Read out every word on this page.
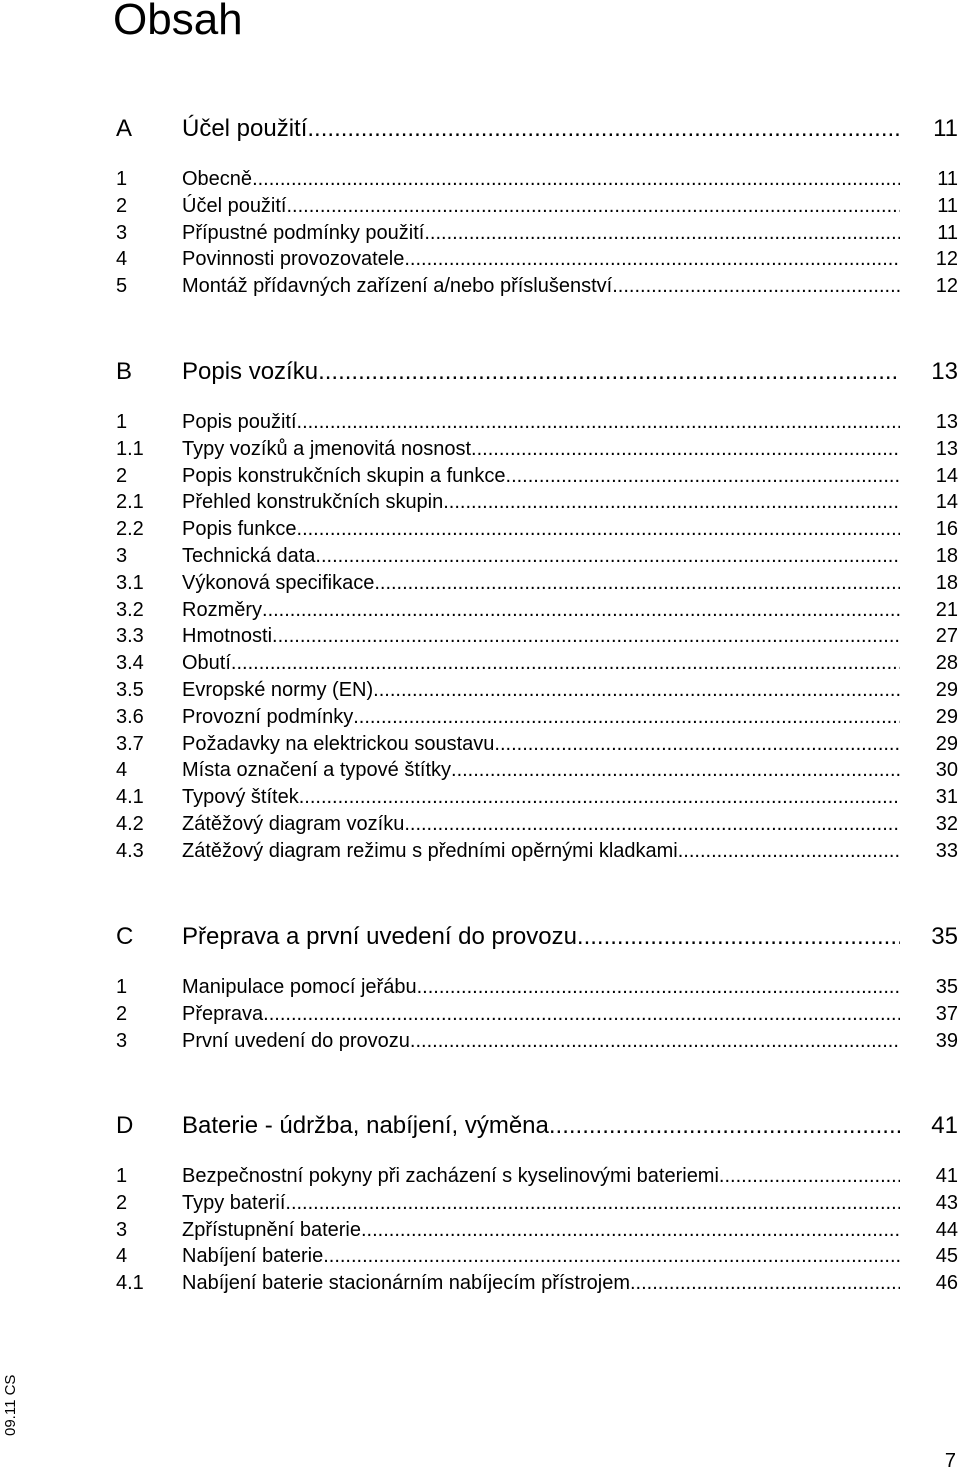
Obsah
A	Účel použití .....	11
1	Obecně .....	11
2	Účel použití .....	11
3	Přípustné podmínky použití .....	11
4	Povinnosti provozovatele .....	12
5	Montáž přídavných zařízení a/nebo příslušenství .....	12
B	Popis vozíku .....	13
1	Popis použití .....	13
1.1	Typy vozíků a jmenovitá nosnost .....	13
2	Popis konstrukčních skupin a funkce .....	14
2.1	Přehled konstrukčních skupin .....	14
2.2	Popis funkce .....	16
3	Technická data .....	18
3.1	Výkonová specifikace .....	18
3.2	Rozměry .....	21
3.3	Hmotnosti .....	27
3.4	Obutí .....	28
3.5	Evropské normy (EN) .....	29
3.6	Provozní podmínky .....	29
3.7	Požadavky na elektrickou soustavu .....	29
4	Místa označení a typové štítky .....	30
4.1	Typový štítek .....	31
4.2	Zátěžový diagram vozíku .....	32
4.3	Zátěžový diagram režimu s předními opěrnými kladkami .....	33
C	Přeprava a první uvedení do provozu .....	35
1	Manipulace pomocí jeřábu .....	35
2	Přeprava .....	37
3	První uvedení do provozu .....	39
D	Baterie - údržba, nabíjení, výměna .....	41
1	Bezpečnostní pokyny při zacházení s kyselinovými bateriemi .....	41
2	Typy baterií .....	43
3	Zpřístupnění baterie .....	44
4	Nabíjení baterie .....	45
4.1	Nabíjení baterie stacionárním nabíjecím přístrojem .....	46
09.11 CS
7
